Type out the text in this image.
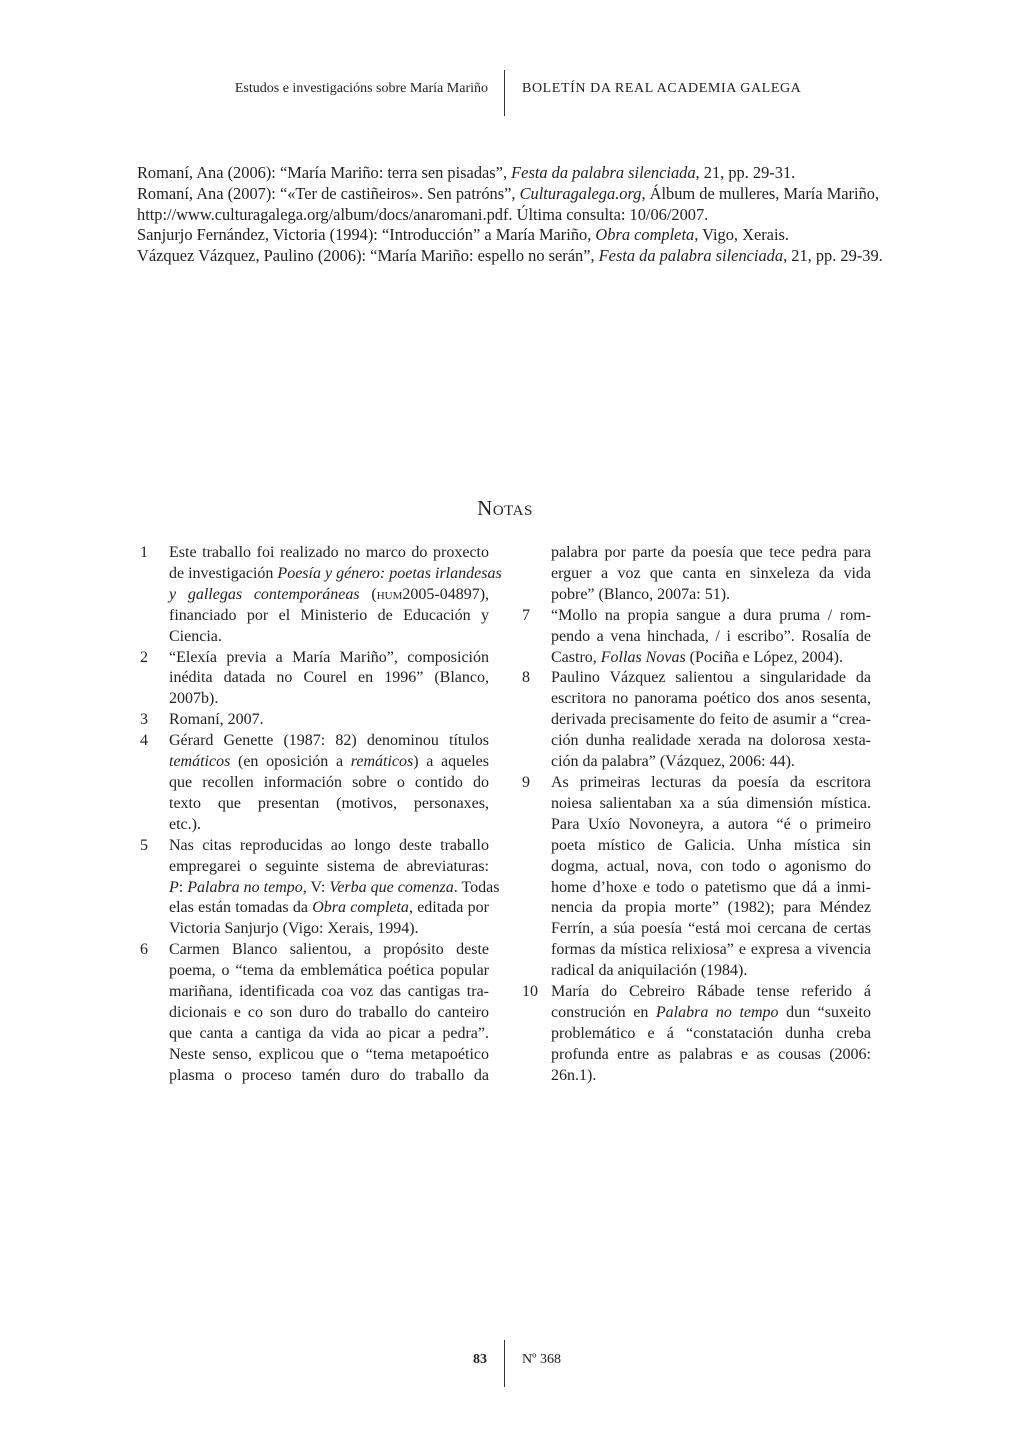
Estudos e investigacións sobre María Mariño BOLETÍN DA REAL ACADEMIA GALEGA
Romaní, Ana (2006): “María Mariño: terra sen pisadas”, Festa da palabra silenciada, 21, pp. 29-31.
Romaní, Ana (2007): “«Ter de castiñeiros». Sen patróns”, Culturagalega.org, Álbum de mulleres, María Mariño,
http://www.culturagalega.org/album/docs/anaromani.pdf. Última consulta: 10/06/2007.
Sanjurjo Fernández, Victoria (1994): “Introducción” a María Mariño, Obra completa, Vigo, Xerais.
Vázquez Vázquez, Paulino (2006): “María Mariño: espello no serán”, Festa da palabra silenciada, 21, pp. 29-39.
Notas
1 Este traballo foi realizado no marco do proxecto
de investigación Poesía y género: poetas irlandesas
y gallegas contemporáneas (hum2005-04897),
financiado por el Ministerio de Educación y
Ciencia.
2 “Elexía previa a María Mariño”, composición
inédita datada no Courel en 1996” (Blanco,
2007b).
3 Romaní, 2007.
4 Gérard Genette (1987: 82) denominou títulos
temáticos (en oposición a remáticos) a aqueles
que recollen información sobre o contido do
texto que presentan (motivos, personaxes,
etc.).
5 Nas citas reproducidas ao longo deste traballo
empregarei o seguinte sistema de abreviaturas:
P: Palabra no tempo, V: Verba que comenza. Todas
elas están tomadas da Obra completa, editada por
Victoria Sanjurjo (Vigo: Xerais, 1994).
6 Carmen Blanco salientou, a propósito deste
poema, o “tema da emblemática poética popular
mariñana, identificada coa voz das cantigas tra-
dicionais e co son duro do traballo do canteiro
que canta a cantiga da vida ao picar a pedra”.
Neste senso, explicou que o “tema metapoético
plasma o proceso tamén duro do traballo da
palabra por parte da poesía que tece pedra para
erguer a voz que canta en sinxeleza da vida
pobre” (Blanco, 2007a: 51).
7 “Mollo na propia sangue a dura pruma / rom-
pendo a vena hinchada, / i escribo”. Rosalía de
Castro, Follas Novas (Pociña e López, 2004).
8 Paulino Vázquez salientou a singularidade da
escritora no panorama poético dos anos sesenta,
derivada precisamente do feito de asumir a “crea-
ción dunha realidade xerada na dolorosa xesta-
ción da palabra” (Vázquez, 2006: 44).
9 As primeiras lecturas da poesía da escritora
noiesa salientaban xa a súa dimensión mística.
Para Uxío Novoneyra, a autora “é o primeiro
poeta místico de Galicia. Unha mística sin
dogma, actual, nova, con todo o agonismo do
home d’hoxe e todo o patetismo que dá a inmi-
nencia da propia morte” (1982); para Méndez
Ferrín, a súa poesía “está moi cercana de certas
formas da mística relixiosa” e expresa a vivencia
radical da aniquilación (1984).
10 María do Cebreiro Rábade tense referido á
construción en Palabra no tempo dun “suxeito
problemático e á “constatación dunha creba
profunda entre as palabras e as cousas (2006:
26n.1).
83	Nº 368
